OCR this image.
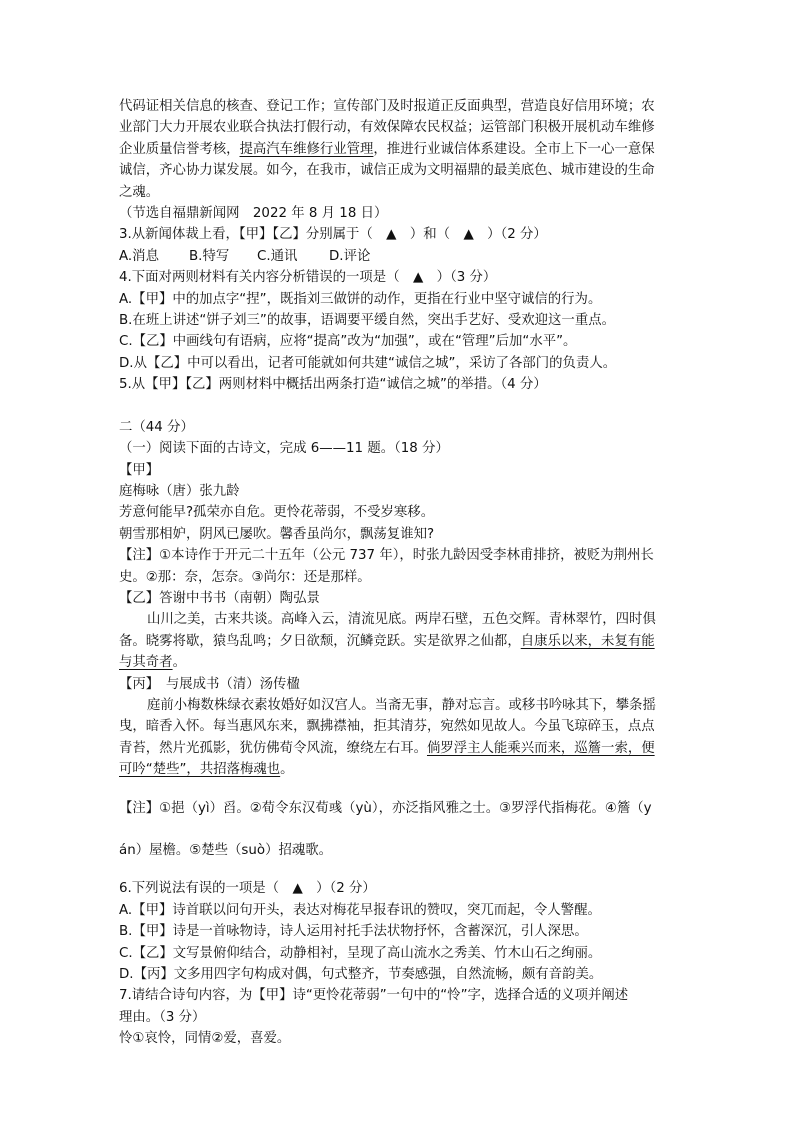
代码证相关信息的核查、登记工作；宣传部门及时报道正反面典型，营造良好信用环境；农
业部门大力开展农业联合执法打假行动，有效保障农民权益；运管部门积极开展机动车维修
企业质量信誉考核，提高汽车维修行业管理，推进行业诚信体系建设。全市上下一心一意保
诚信，齐心协力谋发展。如今，在我市，诚信正成为文明福鼎的最美底色、城市建设的生命
之魂。
（节选自福鼎新闻网　2022 年 8 月 18 日）
3.从新闻体裁上看，【甲】【乙】分别属于（　▲　）和（　▲　）（2 分）
A.消息 B.特写 C.通讯 D.评论
4.下面对两则材料有关内容分析错误的一项是（　▲　）（3 分）
A.【甲】中的加点字“捏”，既指刘三做饼的动作，更指在行业中坚守诚信的行为。
B.在班上讲述“饼子刘三”的故事，语调要平缓自然，突出手艺好、受欢迎这一重点。
C.【乙】中画线句有语病，应将“提高”改为“加强”，或在“管理”后加“水平”。
D.从【乙】中可以看出，记者可能就如何共建“诚信之城”，采访了各部门的负责人。
5.从【甲】【乙】两则材料中概括出两条打造“诚信之城”的举措。（4 分）
二（44 分）
（一）阅读下面的古诗文，完成 6——11 题。（18 分）
【甲】
庭梅咏（唐）张九龄
芳意何能早?孤荣亦自危。更怜花蒂弱，不受岁寒移。
朝雪那相妒，阴风已屡吹。馨香虽尚尔，飘荡复谁知?
【注】①本诗作于开元二十五年（公元 737 年），时张九龄因受李林甫排挤，被贬为荆州长
史。②那：奈，怎奈。③尚尔：还是那样。
【乙】答谢中书书（南朝）陶弘景
山川之美，古来共谈。高峰入云，清流见底。两岸石壁，五色交辉。青林翠竹，四时俱
备。晓雾将歇，猿鸟乱鸣；夕日欲颓，沉鳞竞跃。实是欲界之仙都，自康乐以来，未复有能
与其奇者。
【丙】　与展成书（清）汤传楹
庭前小梅数株绿衣素妆婚好如汉宫人。当斋无事，静对忘言。或移书吟咏其下，攀条摇
曳，暗香入怀。每当惠风东来，飘拂襟袖，拒其清芬，宛然如见故人。今虽飞琼碎玉，点点
青苔，然片光孤影，犹仿佛荀令风流，缭绕左右耳。倘罗浮主人能乘兴而来，巡簷一索，便
可吟“楚些”，共招落梅魂也。
【注】①挹（yì）舀。②荀令东汉荀彧（yù），亦泛指风雅之士。③罗浮代指梅花。④簷（y
án）屋檐。⑤楚些（suò）招魂歌。
6.下列说法有误的一项是（　▲　）（2 分）
A.【甲】诗首联以问句开头，表达对梅花早报春讯的赞叹，突兀而起，令人警醒。
B.【甲】诗是一首咏物诗，诗人运用衬托手法状物抒怀，含蓄深沉，引人深思。
C.【乙】文写景俯仰结合，动静相衬，呈现了高山流水之秀美、竹木山石之绚丽。
D.【丙】文多用四字句构成对偶，句式整齐，节奏感强，自然流畅，颇有音韵美。
7.请结合诗句内容，为【甲】诗“更怜花蒂弱”一句中的“怜”字，选择合适的义项并阐述
理由。（3 分）
怜①哀怜，同情②爱，喜爱。
